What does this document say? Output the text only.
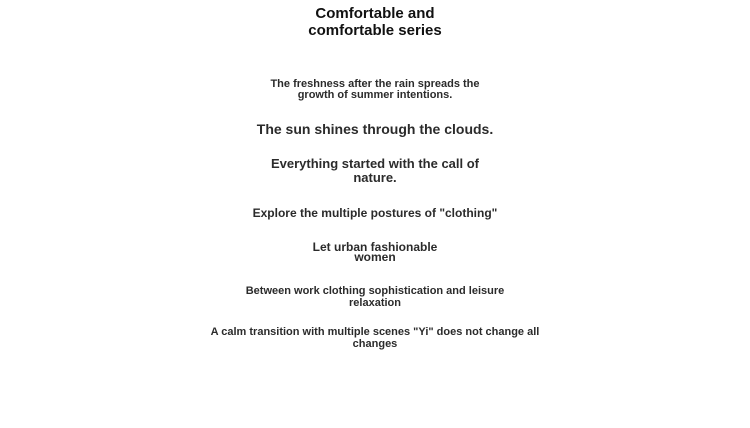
Comfortable and
comfortable series

The freshness after the rain spreads the
growth of summer intentions.

The sun shines through the clouds.

Everything started with the call of
nature.

Explore the multiple postures of "clothing"

Let urban fashionable
women

Between work clothing sophistication and leisure
relaxation

A calm transition with multiple scenes "Yi" does not change all
changes
